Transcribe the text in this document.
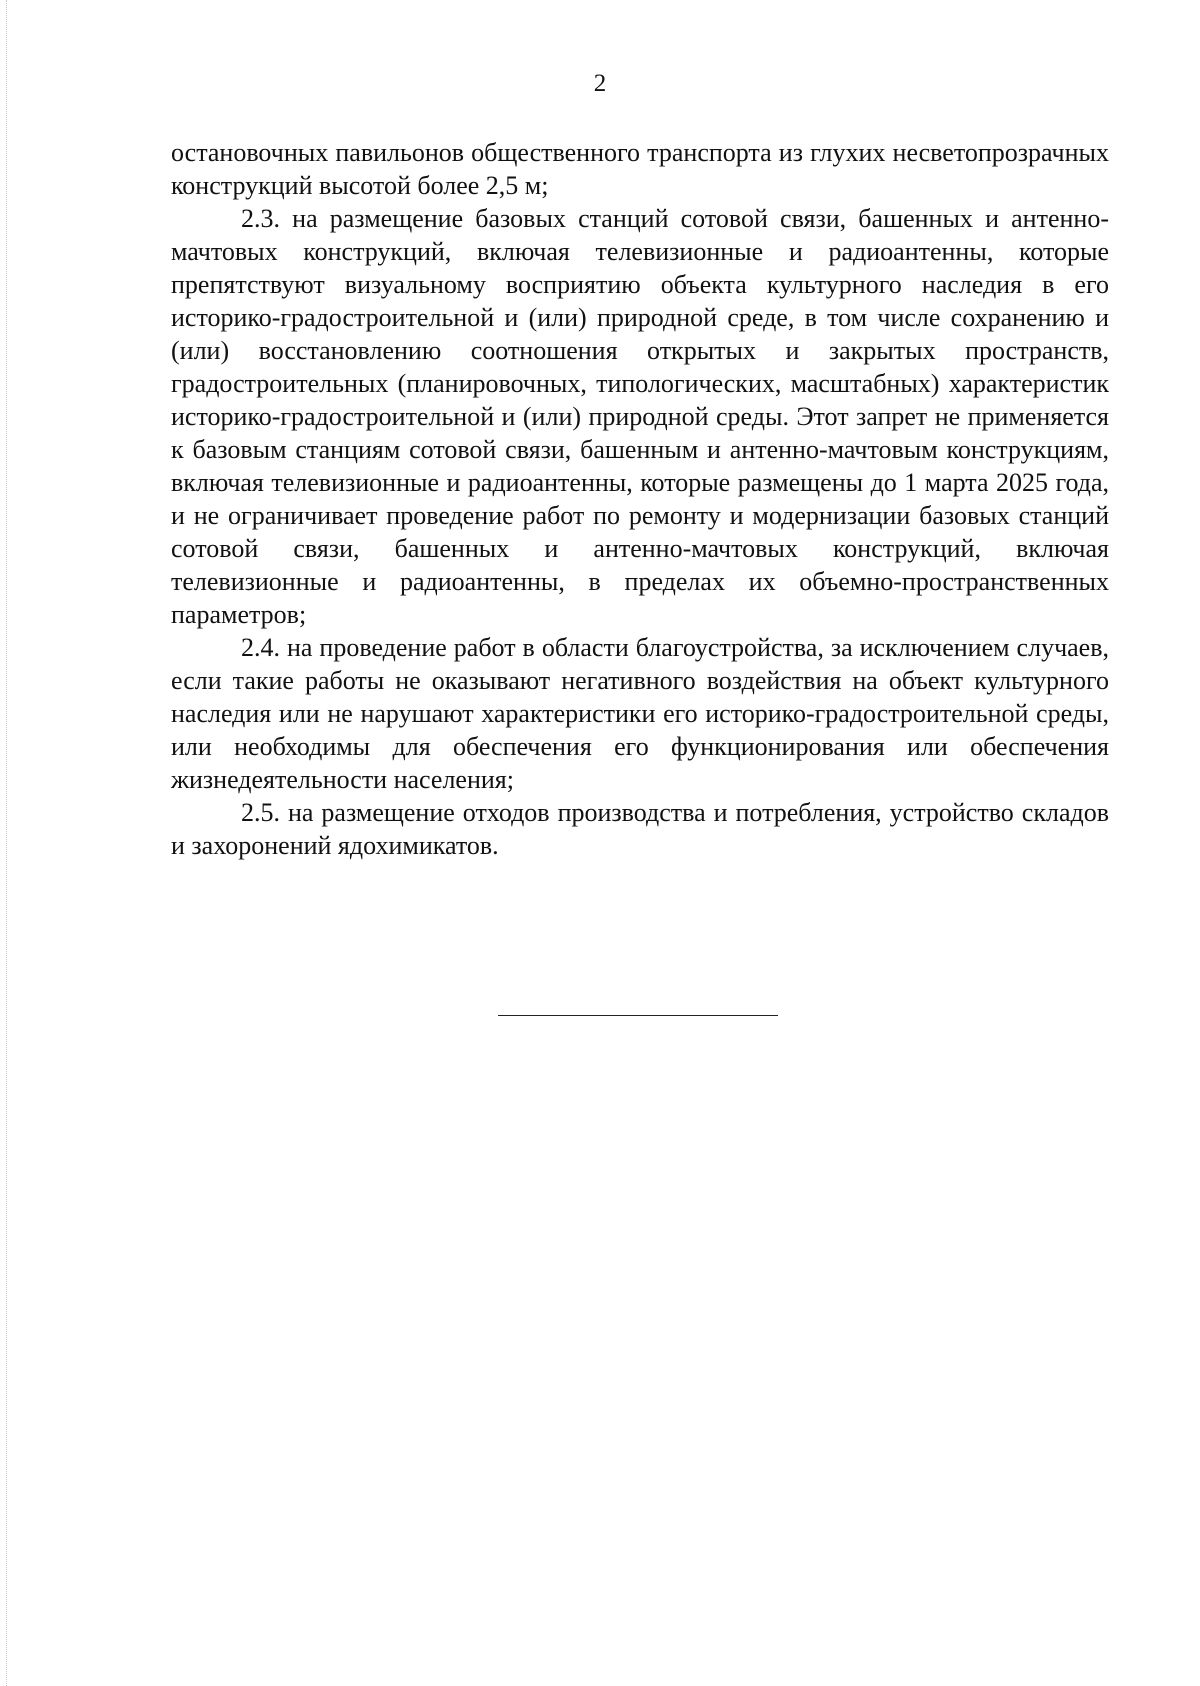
2

остановочных павильонов общественного транспорта из глухих несветопрозрачных конструкций высотой более 2,5 м;

2.3. на размещение базовых станций сотовой связи, башенных и антенно-мачтовых конструкций, включая телевизионные и радиоантенны, которые препятствуют визуальному восприятию объекта культурного наследия в его историко-градостроительной и (или) природной среде, в том числе сохранению и (или) восстановлению соотношения открытых и закрытых пространств, градостроительных (планировочных, типологических, масштабных) характеристик историко-градостроительной и (или) природной среды. Этот запрет не применяется к базовым станциям сотовой связи, башенным и антенно-мачтовым конструкциям, включая телевизионные и радиоантенны, которые размещены до 1 марта 2025 года, и не ограничивает проведение работ по ремонту и модернизации базовых станций сотовой связи, башенных и антенно-мачтовых конструкций, включая телевизионные и радиоантенны, в пределах их объемно-пространственных параметров;

2.4. на проведение работ в области благоустройства, за исключением случаев, если такие работы не оказывают негативного воздействия на объект культурного наследия или не нарушают характеристики его историко-градостроительной среды, или необходимы для обеспечения его функционирования или обеспечения жизнедеятельности населения;

2.5. на размещение отходов производства и потребления, устройство складов и захоронений ядохимикатов.
